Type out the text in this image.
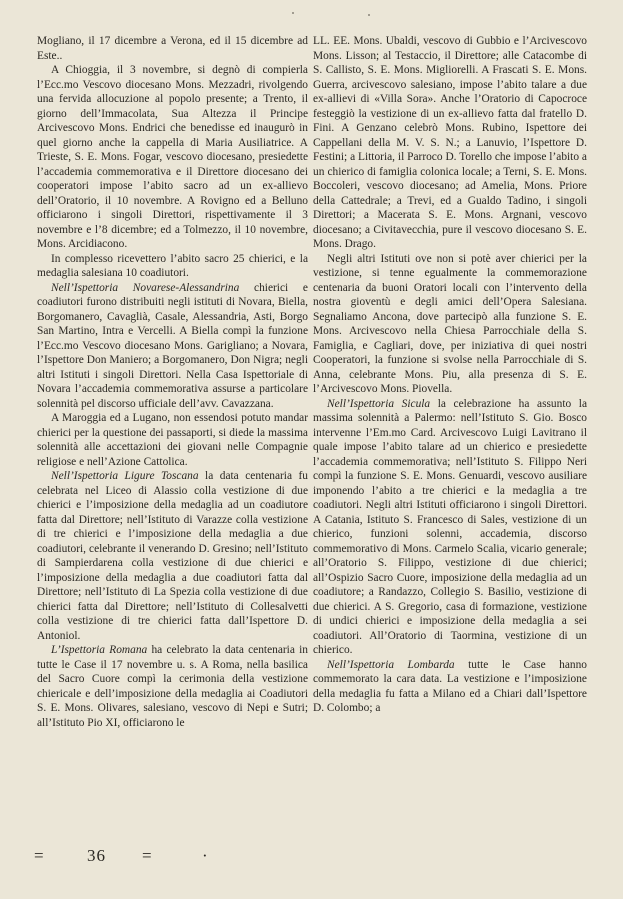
Mogliano, il 17 dicembre a Verona, ed il 15 dicembre ad Este..

A Chioggia, il 3 novembre, si degnò di compierla l’Ecc.mo Vescovo diocesano Mons. Mezzadri, rivolgendo una fervida allocuzione al popolo presente; a Trento, il giorno dell’Immacolata, Sua Altezza il Principe Arcivescovo Mons. Endrici che benedisse ed inaugurò in quel giorno anche la cappella di Maria Ausiliatrice. A Trieste, S. E. Mons. Fogar, vescovo diocesano, presiedette l’accademia commemorativa e il Direttore diocesano dei cooperatori impose l’abito sacro ad un ex-allievo dell’Oratorio, il 10 novembre. A Rovigno ed a Belluno officiarono i singoli Direttori, rispettivamente il 3 novembre e l’8 dicembre; ed a Tolmezzo, il 10 novembre, Mons. Arcidiacono.

In complesso ricevettero l’abito sacro 25 chierici, e la medaglia salesiana 10 coadiutori.

Nell’Ispettoria Novarese-Alessandrina chierici e coadiutori furono distribuiti negli istituti di Novara, Biella, Borgomanero, Cavaglià, Casale, Alessandria, Asti, Borgo San Martino, Intra e Vercelli. A Biella compì la funzione l’Ecc.mo Vescovo diocesano Mons. Garigliano; a Novara, l’Ispettore Don Maniero; a Borgomanero, Don Nigra; negli altri Istituti i singoli Direttori. Nella Casa Ispettoriale di Novara l’accademia commemorativa assurse a particolare solennità pel discorso ufficiale dell’avv. Cavazzana.

A Maroggia ed a Lugano, non essendosi potuto mandar chierici per la questione dei passaporti, si diede la massima solennità alle accettazioni dei giovani nelle Compagnie religiose e nell’Azione Cattolica.

Nell’Ispettoria Ligure Toscana la data centenaria fu celebrata nel Liceo di Alassio colla vestizione di due chierici e l’imposizione della medaglia ad un coadiutore fatta dal Direttore; nell’Istituto di Varazze colla vestizione di tre chierici e l’imposizione della medaglia a due coadiutori, celebrante il venerando D. Gresino; nell’Istituto di Sampierdarena colla vestizione di due chierici e l’imposizione della medaglia a due coadiutori fatta dal Direttore; nell’Istituto di La Spezia colla vestizione di due chierici fatta dal Direttore; nell’Istituto di Collesalvetti colla vestizione di tre chierici fatta dall’Ispettore D. Antoniol.

L’Ispettoria Romana ha celebrato la data centenaria in tutte le Case il 17 novembre u. s. A Roma, nella basilica del Sacro Cuore compì la cerimonia della vestizione chiericale e dell’imposizione della medaglia ai Coadiutori S. E. Mons. Olivares, salesiano, vescovo di Nepi e Sutri; all’Istituto Pio XI, officiarono le

LL. EE. Mons. Ubaldi, vescovo di Gubbio e l’Arcivescovo Mons. Lisson; al Testaccio, il Direttore; alle Catacombe di S. Callisto, S. E. Mons. Migliorelli. A Frascati S. E. Mons. Guerra, arcivescovo salesiano, impose l’abito talare a due ex-allievi di «Villa Sora». Anche l’Oratorio di Capocroce festeggiò la vestizione di un ex-allievo fatta dal fratello D. Fini. A Genzano celebrò Mons. Rubino, Ispettore dei Cappellani della M. V. S. N.; a Lanuvio, l’Ispettore D. Festini; a Littoria, il Parroco D. Torello che impose l’abito a un chierico di famiglia colonica locale; a Terni, S. E. Mons. Boccoleri, vescovo diocesano; ad Amelia, Mons. Priore della Cattedrale; a Trevi, ed a Gualdo Tadino, i singoli Direttori; a Macerata S. E. Mons. Argnani, vescovo diocesano; a Civitavecchia, pure il vescovo diocesano S. E. Mons. Drago.

Negli altri Istituti ove non si potè aver chierici per la vestizione, si tenne egualmente la commemorazione centenaria da buoni Oratori locali con l’intervento della nostra gioventù e degli amici dell’Opera Salesiana. Segnaliamo Ancona, dove partecipò alla funzione S. E. Mons. Arcivescovo nella Chiesa Parrocchiale della S. Famiglia, e Cagliari, dove, per iniziativa di quei nostri Cooperatori, la funzione si svolse nella Parrocchiale di S. Anna, celebrante Mons. Piu, alla presenza di S. E. l’Arcivescovo Mons. Piovella.

Nell’Ispettoria Sicula la celebrazione ha assunto la massima solennità a Palermo: nell’Istituto S. Gio. Bosco intervenne l’Em.mo Card. Arcivescovo Luigi Lavitrano il quale impose l’abito talare ad un chierico e presiedette l’accademia commemorativa; nell’Istituto S. Filippo Neri compì la funzione S. E. Mons. Genuardi, vescovo ausiliare imponendo l’abito a tre chierici e la medaglia a tre coadiutori. Negli altri Istituti officiarono i singoli Direttori. A Catania, Istituto S. Francesco di Sales, vestizione di un chierico, funzioni solenni, accademia, discorso commemorativo di Mons. Carmelo Scalia, vicario generale; all’Oratorio S. Filippo, vestizione di due chierici; all’Ospizio Sacro Cuore, imposizione della medaglia ad un coadiutore; a Randazzo, Collegio S. Basilio, vestizione di due chierici. A S. Gregorio, casa di formazione, vestizione di undici chierici e imposizione della medaglia a sei coadiutori. All’Oratorio di Taormina, vestizione di un chierico.

Nell’Ispettoria Lombarda tutte le Case hanno commemorato la cara data. La vestizione e l’imposizione della medaglia fu fatta a Milano ed a Chiari dall’Ispettore D. Colombo; a

= 36 =	·
